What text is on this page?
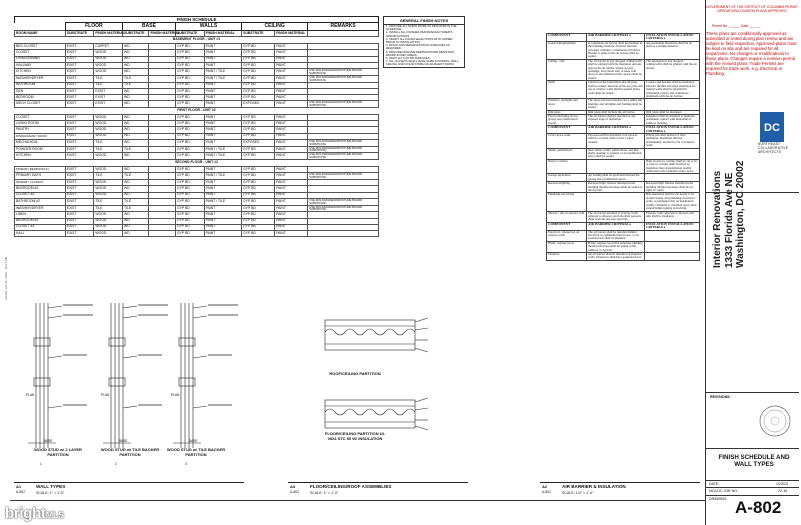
FINISH SCHEDULE									
	FLOOR		BASE		WALLS		CEILING		REMARKS
ROOM NAME	SUBSTRATE	FINISH MATERIAL	SUBSTRATE	FINISH MATERIAL	SUBSTRATE	FINISH MATERIAL	SUBSTRATE	FINISH MATERIAL	
BASEMENT FLOOR - UNIT #1									
BED CLOSET	EXIST	CARPET	WD		GYP BD	PAINT	GYP BD	PAINT	
CLOSET	EXIST	WOOD	WD		GYP BD	PAINT	GYP BD	PAINT	
LIVING/DINING	EXIST	WOOD	WD		GYP BD	PAINT	GYP BD	PAINT	
HALLWAY	EXIST	WOOD	WD		GYP BD	PAINT	GYP BD	PAINT	
KITCHEN	EXIST	WOOD	WD		GYP BD	PAINT / TILE	GYP BD	PAINT	USE MOLD/MILDEW/MOISTURE BOARD SUBSTRATE
WASHER/DRYER	EXIST	TILE	TILE		GYP BD	PAINT / TILE	GYP BD	PAINT	USE MOLD/MILDEW/MOISTURE BOARD SUBSTRATE
BATHROOM	EXIST	TILE	TILE		GYP BD	PAINT	GYP BD	PAINT	
DEN	EXIST	EXIST	WD		GYP BD	PAINT	GYP BD	PAINT	
BEDROOM	EXIST	EXIST	WD		GYP BD	PAINT	GYP BD	PAINT	
MECH CLOSET	EXIST	EXIST	WD		GYP BD	PAINT	EXPOSED	PAINT	USE MOLD/MILDEW/MOISTURE BOARD SUBSTRATE
FIRST FLOOR - UNIT #2									
CLOSET	EXIST	WOOD	WD		GYP BD	PAINT	GYP BD	PAINT	
LIVING ROOM	EXIST	WOOD	WD		GYP BD	PAINT	GYP BD	PAINT	
PANTRY	EXIST	WOOD	WD		GYP BD	PAINT	GYP BD	PAINT	
DINING/FAMILY ROOM	EXIST	WOOD	WD		GYP BD	PAINT	GYP BD	PAINT	
MECHANICAL	EXIST	TILE	WD		GYP BD	PAINT	EXPOSED	PAINT	USE MOLD/MILDEW/MOISTURE BOARD SUBSTRATE
POWDER ROOM	EXIST	TILE	TILE		GYP BD	PAINT / TILE	GYP BD	PAINT	USE MOLD/MILDEW/MOISTURE BOARD SUBSTRATE
KITCHEN	EXIST	WOOD	WD		GYP BD	PAINT / TILE	GYP BD	PAINT	USE MOLD/MILDEW/MOISTURE BOARD SUBSTRATE
SECOND FLOOR - UNIT #2									
PRIMARY BEDROOM #1	EXIST	WOOD	WD		GYP BD	PAINT	GYP BD	PAINT	
PRIMARY BATH	EXIST	TILE	TILE		GYP BD	PAINT / TILE	GYP BD	PAINT	USE MOLD/MILDEW/MOISTURE BOARD SUBSTRATE
PRIMARY CLOSETS	EXIST	WOOD	WD		GYP BD	PAINT	GYP BD	PAINT	
BEDROOM #2	EXIST	WOOD	WD		GYP BD	PAINT	GYP BD	PAINT	
CLOSET #2	EXIST	WOOD	WD		GYP BD	PAINT	GYP BD	PAINT	
BATHROOM #2	EXIST	TILE	TILE		GYP BD	PAINT / TILE	GYP BD	PAINT	USE MOLD/MILDEW/MOISTURE BOARD SUBSTRATE
WASHER/DRYER	EXIST	TILE	TILE		GYP BD	PAINT	GYP BD	PAINT	USE MOLD/MILDEW/MOISTURE BOARD SUBSTRATE
LINEN	EXIST	WOOD	WD		GYP BD	PAINT	GYP BD	PAINT	
BEDROOM #3	EXIST	WOOD	WD		GYP BD	PAINT	GYP BD	PAINT	
CLOSET #3	EXIST	WOOD	WD		GYP BD	PAINT	GYP BD	PAINT	
HALL	EXIST	WOOD	WD		GYP BD	PAINT	GYP BD	PAINT	
GENERAL FINISH NOTES
1. PROVIDE ALL FINISH WORK AS INDICATED IN THE SCHEDULE.
2. INSTALL ALL FINISHES PER MANUFACTURER'S SPECIFICATIONS.
3. VERIFY ALL FINISH SELECTIONS WITH OWNER PRIOR TO INSTALLATION.
4. PATCH AND REPAIR EXISTING SURFACES AS REQUIRED.
5. PROVIDE MOLD/MILDEW/MOISTURE RESISTANT BOARD IN WET AREAS.
6. PAINT ALL GYP BD SURFACES.
7. ALL CLOSETS SHALL HAVE SAME FLOORING, WALL, CEILING AND COLOR FINISH AS ADJACENT ROOM.
PLAN	PLAN	PLAN
BASE	BASE	BASE
WOOD STUD w/ 2 LAYER PARTITION
WOOD STUD w/ TILE BACKER PARTITION
WOOD STUD w/ TILE BACKER PARTITION
1	2	3
A1
A-802
WALL TYPES
SCALE: 1" = 1'-0"
ROOF/CEILING PARTITION
FLOOR/CEILING PARTITION UL 0524 STC 50 W/ INSULATION
A3
A-802
FLOOR/CEILING/ROOF ASSEMBLIES
SCALE: 1" = 1'-0"
COMPONENT	AIR BARRIER CRITERIA a	INSULATION INSTALLATION CRITERIA a
General Requirements	A continuous air barrier shall be installed in the building envelope. Exterior thermal envelope contains a continuous air barrier. Breaks or joints in the air barrier shall be sealed.	Air-permeable insulation shall not be used as a sealing material.
Ceiling / attic	The air barrier in any dropped ceiling/soffit shall be aligned with the insulation and any gaps in the air barrier sealed. Access openings, drop down stair or knee wall doors to unconditioned attic spaces shall be sealed.	The insulation in any dropped ceiling/soffit shall be aligned with the air barrier.
Walls	Junction of the foundation and sill plate shall be sealed. Junction of the top plate and top of exterior walls shall be sealed. Knee walls shall be sealed.	Corners and headers shall be insulated. Exterior thermal envelope insulation for framed walls shall be installed in substantial contact and continuous alignment with the air barrier.
Windows, skylights and doors	The space between window/door jambs and framing, and skylights and framing shall be sealed.	
Rim joists	Rim joists shall include the air barrier.	Rim joists shall be insulated.
Floors (including above-garage and cantilevered floors)	The air barrier shall be installed at any exposed edge of insulation.	Insulation shall be installed to maintain permanent contact with underside of subfloor decking.
COMPONENT	AIR BARRIER CRITERIA a	INSULATION INSTALLATION CRITERIA a
Crawl space walls	Exposed earth in unvented crawl spaces shall be covered with a Class I vapor retarder.	Where provided instead of floor insulation, insulation shall be permanently attached to the crawlspace walls.
Shafts, penetrations	Duct shafts, utility penetrations, and flue shafts opening to exterior or unconditioned space shall be sealed.	
Narrow cavities		Batts in narrow cavities shall be cut to fit, or narrow cavities shall be filled by insulation that on installation readily conforms to the available cavity space.
Garage separation	Air sealing shall be provided between the garage and conditioned spaces.	
Recessed lighting	Recessed light fixtures installed in the building thermal envelope shall be sealed to the drywall.	Recessed light fixtures installed in the building thermal envelope shall be air tight, IC rated.
Plumbing and wiring		Batt insulation shall be cut neatly to fit around wiring and plumbing in exterior walls, or insulation that on installation readily conforms to available space shall extend behind piping and wiring.
Shower / tub on exterior wall	The air barrier installed at exterior walls adjacent to showers and tubs shall separate them from the showers and tubs.	Exterior walls adjacent to showers and tubs shall be insulated.
COMPONENT	AIR BARRIER CRITERIA a	INSULATION INSTALLATION CRITERIA a
Electrical / phone box on exterior walls	The air barrier shall be installed behind electrical or communication boxes, or air sealed boxes shall be installed.	
HVAC register boots	HVAC register boots that penetrate building thermal envelope shall be sealed to the subfloor or drywall.	
Fireplace	An air barrier shall be installed on fireplace walls. Fireplaces shall have gasketed doors.	
A2
A-802
AIR BARRIER & INSULATION
SCALE: 1/4" = 1'-0"
GOVERNMENT OF THE DISTRICT OF COLUMBIA PERMIT OPERATIONS DIVISION PLANS APPROVED
Permit No. ______ Date ______
These plans are conditionally approved as submitted or noted during plan review and are subject to field inspection. Approved plans must be kept on site and are required for all inspections. No changes or modifications to these plans. Changes require a revision permit with the revised plans. Trade Permits are required for trade work. e.g. Electrical or Plumbing.
DC
NORTHEAST
COLLABORATIVE
ARCHITECTS
Interior Renovations 1333 Florida Ave NE Washington, DC 20002
REVISIONS:
FINISH SCHEDULE AND WALL TYPES
DATE:	1/23/23
NCA DC JOB NO.:	22-16
DRAWING: A-802
printed: Jan 11, 2023 · 10:27 AM
brightMLS
